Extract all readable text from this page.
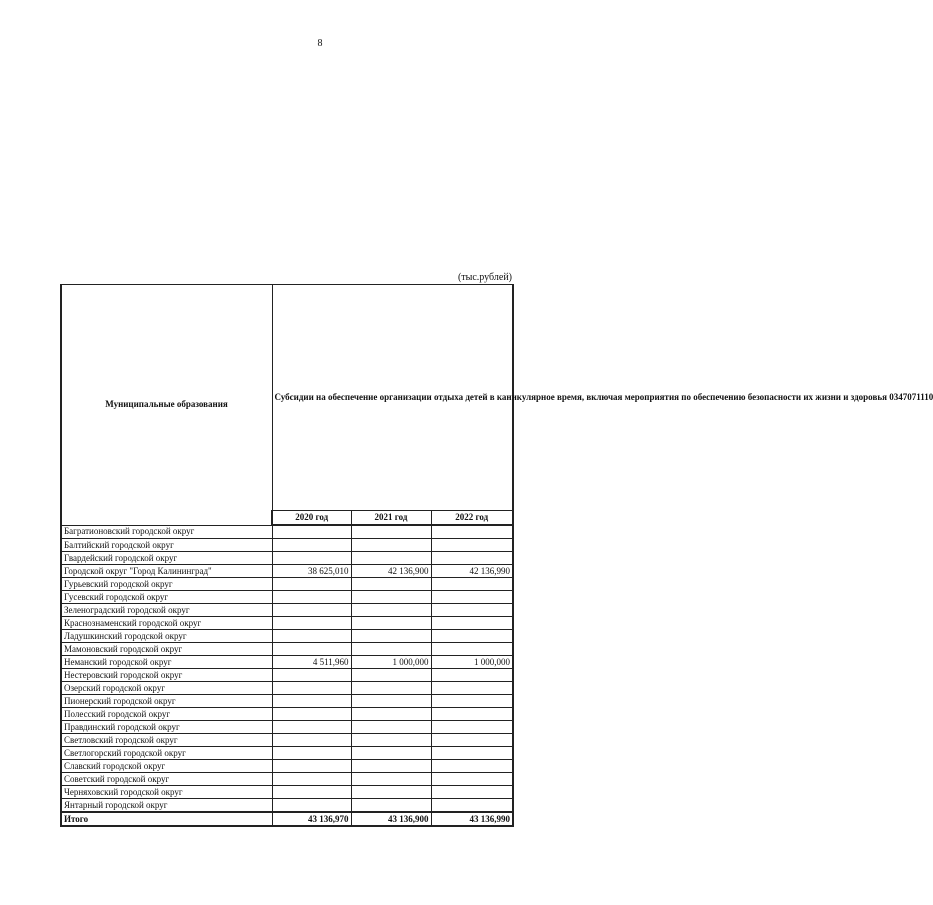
8
(тыс.рублей)
Муниципальные образования	Субсидии на обеспечение организации отдыха детей в каникулярное время, включая мероприятия по обеспечению безопасности их жизни и здоровья 0347071110		
	2020 год	2021 год	2022 год
Багратионовский городской округ			
Балтийский городской округ			
Гвардейский городской округ			
Городской округ "Город Калининград"	38 625,010	42 136,900	42 136,990
Гурьевский городской округ			
Гусевский городской округ			
Зеленоградский городской округ			
Краснознаменский городской округ			
Ладушкинский городской округ			
Мамоновский городской округ			
Неманский городской округ	4 511,960	1 000,000	1 000,000
Нестеровский городской округ			
Озерский городской округ			
Пионерский городской округ			
Полесский городской округ			
Правдинский городской округ			
Светловский городской округ			
Светлогорский городской округ			
Славский городской округ			
Советский городской округ			
Черняховский городской округ			
Янтарный городской округ			
Итого	43 136,970	43 136,900	43 136,990
